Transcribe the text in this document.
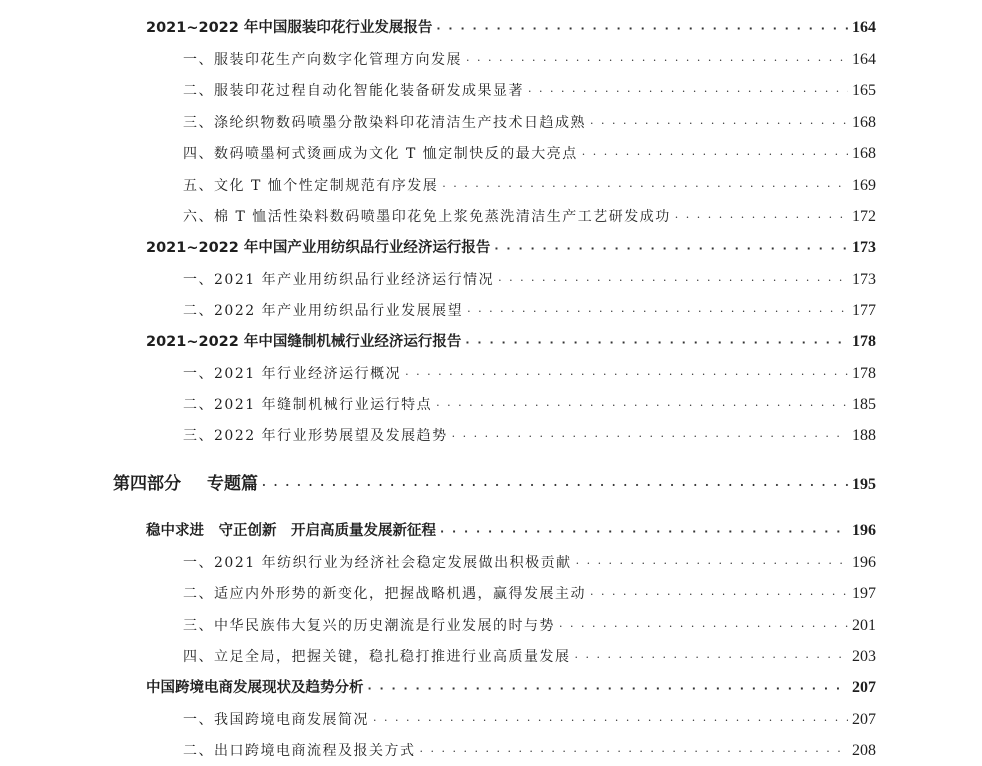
2021~2022 年中国服装印花行业发展报告 · · ·	164
一、服装印花生产向数字化管理方向发展 · · ·	164
二、服装印花过程自动化智能化装备研发成果显著 · · ·	165
三、涤纶织物数码喷墨分散染料印花清洁生产技术日趋成熟 · · ·	168
四、数码喷墨柯式烫画成为文化 T 恤定制快反的最大亮点 · · ·	168
五、文化 T 恤个性定制规范有序发展 · · ·	169
六、棉 T 恤活性染料数码喷墨印花免上浆免蒸洗清洁生产工艺研发成功 · · ·	172
2021~2022 年中国产业用纺织品行业经济运行报告 · · ·	173
一、2021 年产业用纺织品行业经济运行情况 · · ·	173
二、2022 年产业用纺织品行业发展展望 · · ·	177
2021~2022 年中国缝制机械行业经济运行报告 · · ·	178
一、2021 年行业经济运行概况 · · ·	178
二、2021 年缝制机械行业运行特点 · · ·	185
三、2022 年行业形势展望及发展趋势 · · ·	188
第四部分 专题篇 · · ·	195
稳中求进　守正创新　开启高质量发展新征程 · · ·	196
一、2021 年纺织行业为经济社会稳定发展做出积极贡献 · · ·	196
二、适应内外形势的新变化，把握战略机遇，赢得发展主动 · · ·	197
三、中华民族伟大复兴的历史潮流是行业发展的时与势 · · ·	201
四、立足全局，把握关键，稳扎稳打推进行业高质量发展 · · ·	203
中国跨境电商发展现状及趋势分析 · · ·	207
一、我国跨境电商发展简况 · · ·	207
二、出口跨境电商流程及报关方式 · · ·	208
